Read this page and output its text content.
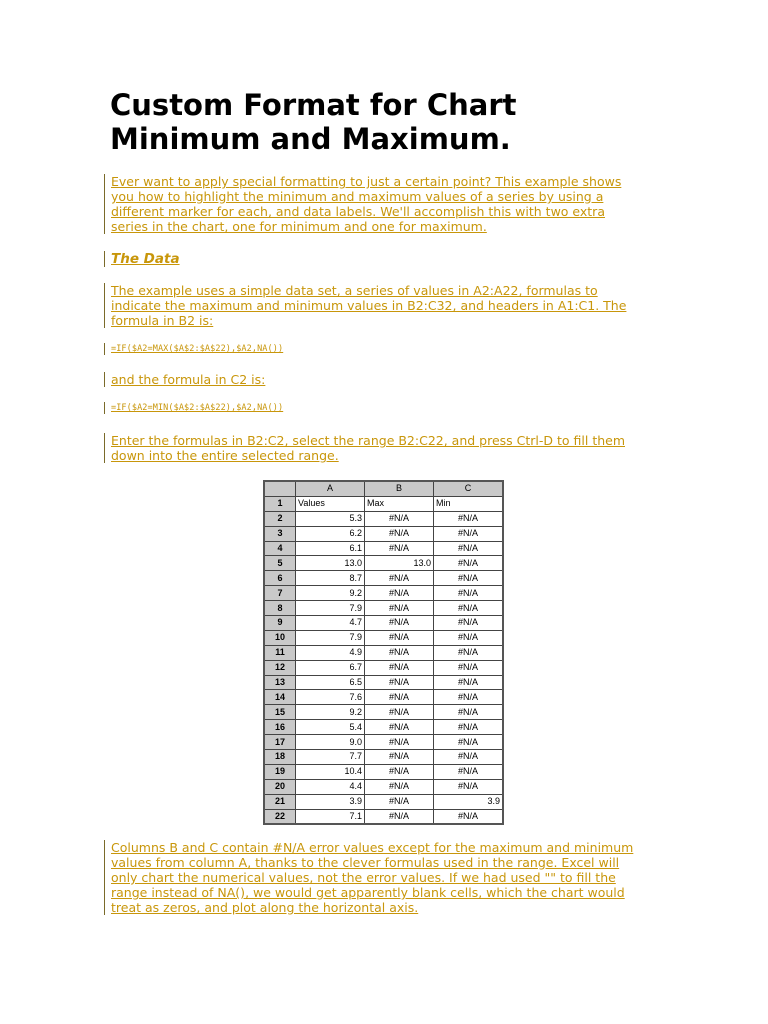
Custom Format for Chart
Minimum and Maximum.
Ever want to apply special formatting to just a certain point? This example shows
you how to highlight the minimum and maximum values of a series by using a
different marker for each, and data labels. We'll accomplish this with two extra
series in the chart, one for minimum and one for maximum.
The Data
The example uses a simple data set, a series of values in A2:A22, formulas to
indicate the maximum and minimum values in B2:C32, and headers in A1:C1. The
formula in B2 is:
=IF($A2=MAX($A$2:$A$22),$A2,NA())
and the formula in C2 is:
=IF($A2=MIN($A$2:$A$22),$A2,NA())
Enter the formulas in B2:C2, select the range B2:C22, and press Ctrl-D to fill them
down into the entire selected range.
	A	B	C
1	Values	Max	Min
2	5.3	#N/A	#N/A
3	6.2	#N/A	#N/A
4	6.1	#N/A	#N/A
5	13.0	13.0	#N/A
6	8.7	#N/A	#N/A
7	9.2	#N/A	#N/A
8	7.9	#N/A	#N/A
9	4.7	#N/A	#N/A
10	7.9	#N/A	#N/A
11	4.9	#N/A	#N/A
12	6.7	#N/A	#N/A
13	6.5	#N/A	#N/A
14	7.6	#N/A	#N/A
15	9.2	#N/A	#N/A
16	5.4	#N/A	#N/A
17	9.0	#N/A	#N/A
18	7.7	#N/A	#N/A
19	10.4	#N/A	#N/A
20	4.4	#N/A	#N/A
21	3.9	#N/A	3.9
22	7.1	#N/A	#N/A
Columns B and C contain #N/A error values except for the maximum and minimum
values from column A, thanks to the clever formulas used in the range. Excel will
only chart the numerical values, not the error values. If we had used "" to fill the
range instead of NA(), we would get apparently blank cells, which the chart would
treat as zeros, and plot along the horizontal axis.
